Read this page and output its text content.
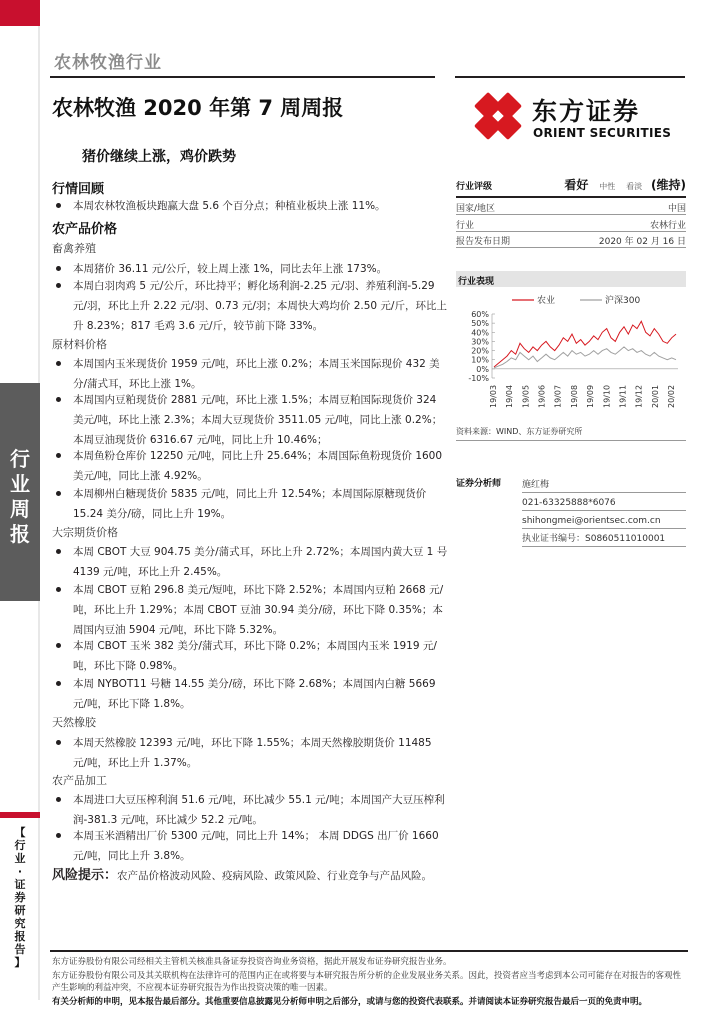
行
业
周
报
【
行
业
·
证
券
研
究
报
告
】
农林牧渔行业
农林牧渔 2020 年第 7 周周报
猪价继续上涨，鸡价跌势
东方证券
ORIENT SECURITIES
行情回顾
本周农林牧渔板块跑赢大盘 5.6 个百分点；种植业板块上涨 11%。
农产品价格
畜禽养殖
本周猪价 36.11 元/公斤，较上周上涨 1%，同比去年上涨 173%。
本周白羽肉鸡 5 元/公斤，环比持平；孵化场利润-2.25 元/羽、养殖利润-5.29 元/羽，环比上升 2.22 元/羽、0.73 元/羽；本周快大鸡均价 2.50 元/斤，环比上升 8.23%；817 毛鸡 3.6 元/斤，较节前下降 33%。
原材料价格
本周国内玉米现货价 1959 元/吨，环比上涨 0.2%；本周玉米国际现价 432 美分/蒲式耳，环比上涨 1%。
本周国内豆粕现货价 2881 元/吨，环比上涨 1.5%；本周豆粕国际现货价 324 美元/吨，环比上涨 2.3%；本周大豆现货价 3511.05 元/吨，同比上涨 0.2%；本周豆油现货价 6316.67 元/吨，同比上升 10.46%；
本周鱼粉仓库价 12250 元/吨，同比上升 25.64%；本周国际鱼粉现货价 1600 美元/吨，同比上涨 4.92%。
本周柳州白糖现货价 5835 元/吨，同比上升 12.54%；本周国际原糖现货价 15.24 美分/磅，同比上升 19%。
大宗期货价格
本周 CBOT 大豆 904.75 美分/蒲式耳，环比上升 2.72%；本周国内黄大豆 1 号 4139 元/吨，环比上升 2.45%。
本周 CBOT 豆粕 296.8 美元/短吨，环比下降 2.52%；本周国内豆粕 2668 元/吨，环比上升 1.29%；本周 CBOT 豆油 30.94 美分/磅，环比下降 0.35%；本周国内豆油 5904 元/吨，环比下降 5.32%。
本周 CBOT 玉米 382 美分/蒲式耳，环比下降 0.2%；本周国内玉米 1919 元/吨，环比下降 0.98%。
本周 NYBOT11 号糖 14.55 美分/磅，环比下降 2.68%；本周国内白糖 5669 元/吨，环比下降 1.8%。
天然橡胶
本周天然橡胶 12393 元/吨，环比下降 1.55%；本周天然橡胶期货价 11485 元/吨，环比上升 1.37%。
农产品加工
本周进口大豆压榨利润 51.6 元/吨，环比减少 55.1 元/吨；本周国产大豆压榨利润-381.3 元/吨，环比减少 52.2 元/吨。
本周玉米酒精出厂价 5300 元/吨，同比上升 14%； 本周 DDGS 出厂价 1660 元/吨，同比上升 3.8%。
风险提示：农产品价格波动风险、疫病风险、政策风险、行业竞争与产品风险。
行业评级	看好 中性 看淡 (维持)
国家/地区	中国
行业	农林行业
报告发布日期	2020 年 02 月 16 日
行业表现
农业	沪深300
-10%
0%
10%
20%
30%
40%
50%
60%
19/03 19/04 19/05 19/06 19/07 19/08 19/09 19/10 19/11 19/12 20/01 20/02
资料来源：WIND、东方证券研究所
证券分析师	施红梅
021-63325888*6076
shihongmei@orientsec.com.cn
执业证书编号：S0860511010001
东方证券股份有限公司经相关主管机关核准具备证券投资咨询业务资格，据此开展发布证券研究报告业务。
东方证券股份有限公司及其关联机构在法律许可的范围内正在或将要与本研究报告所分析的企业发展业务关系。因此，投资者应当考虑到本公司可能存在对报告的客观性产生影响的利益冲突，不应视本证券研究报告为作出投资决策的唯一因素。
有关分析师的申明，见本报告最后部分。其他重要信息披露见分析师申明之后部分，或请与您的投资代表联系。并请阅读本证券研究报告最后一页的免责申明。
